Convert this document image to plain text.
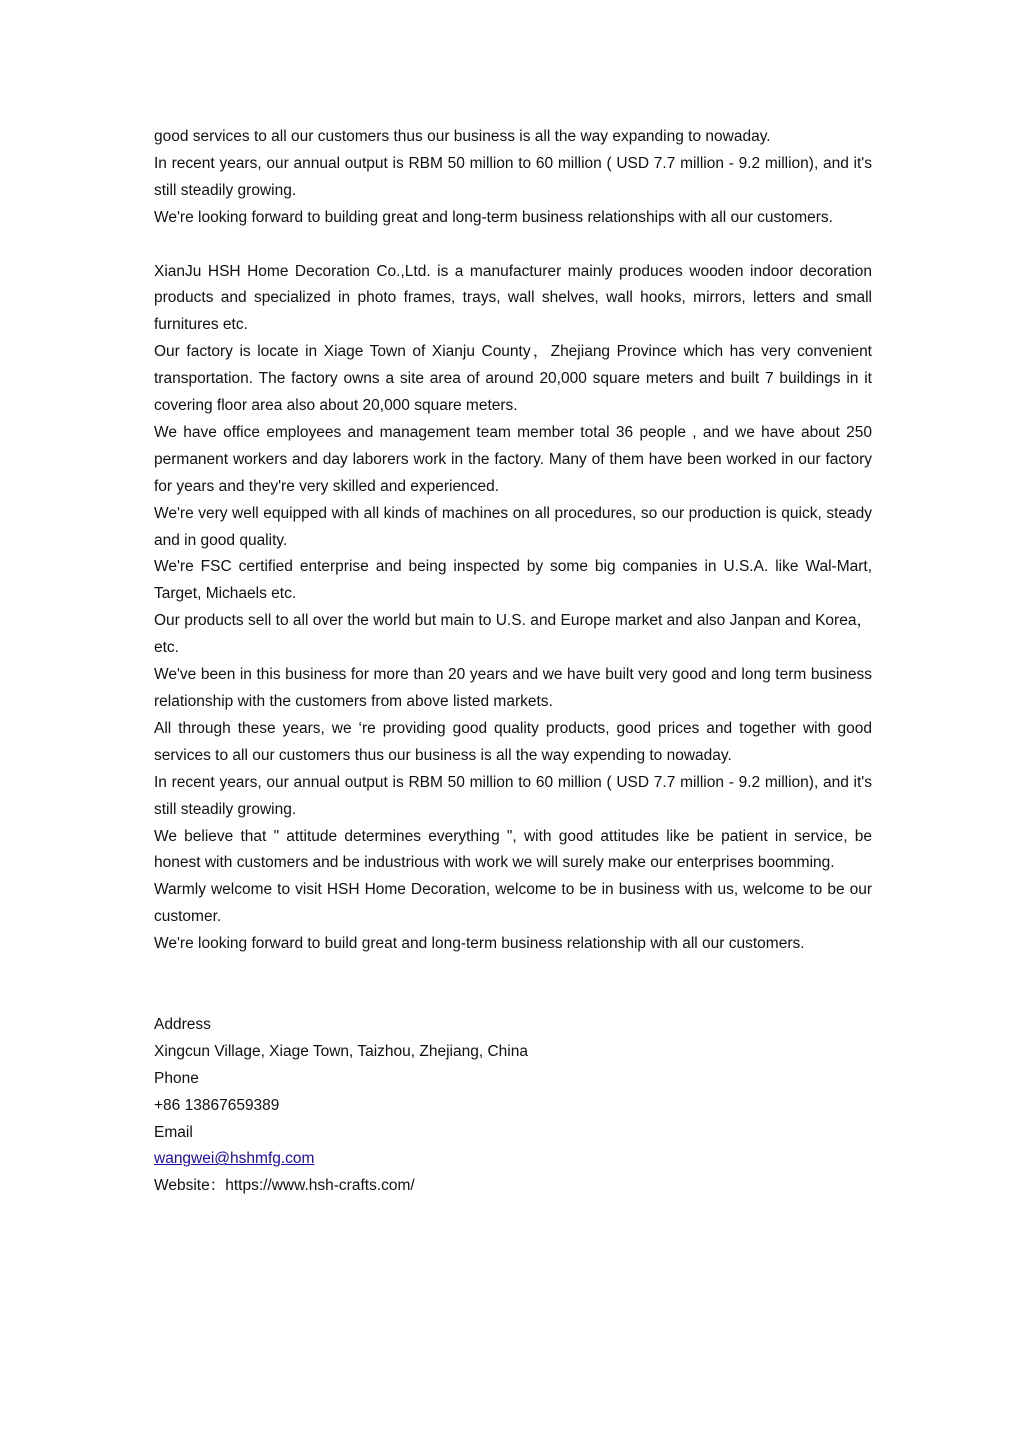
good services to all our customers thus our business is all the way expanding to nowaday.

In recent years, our annual output is RBM 50 million to 60 million ( USD 7.7 million - 9.2 million), and it's still steadily growing.

We're looking forward to building great and long-term business relationships with all our customers.

XianJu HSH Home Decoration Co.,Ltd. is a manufacturer mainly produces wooden indoor decoration products and specialized in photo frames, trays, wall shelves, wall hooks, mirrors, letters and small furnitures etc.

Our factory is locate in Xiage Town of Xianju County，Zhejiang Province which has very convenient transportation. The factory owns a site area of around 20,000 square meters and built 7 buildings in it covering floor area also about 20,000 square meters.

We have office employees and management team member total 36 people , and we have about 250 permanent workers and day laborers work in the factory. Many of them have been worked in our factory for years and they're very skilled and experienced.

We're very well equipped with all kinds of machines on all procedures, so our production is quick, steady and in good quality.

We're FSC certified enterprise and being inspected by some big companies in U.S.A. like Wal-Mart, Target, Michaels etc.

Our products sell to all over the world but main to U.S. and Europe market and also Janpan and Korea， etc.

We've been in this business for more than 20 years and we have built very good and long term business relationship with the customers from above listed markets.

All through these years, we ‘re providing good quality products, good prices and together with good services to all our customers thus our business is all the way expending to nowaday.

In recent years, our annual output is RBM 50 million to 60 million ( USD 7.7 million - 9.2 million), and it's still steadily growing.

We believe that " attitude determines everything ", with good attitudes like be patient in service, be honest with customers and be industrious with work we will surely make our enterprises boomming.

Warmly welcome to visit HSH Home Decoration, welcome to be in business with us, welcome to be our customer.

We're looking forward to build great and long-term business relationship with all our customers.

Address

Xingcun Village, Xiage Town, Taizhou, Zhejiang, China

Phone

+86 13867659389

Email

wangwei@hshmfg.com

Website：https://www.hsh-crafts.com/
